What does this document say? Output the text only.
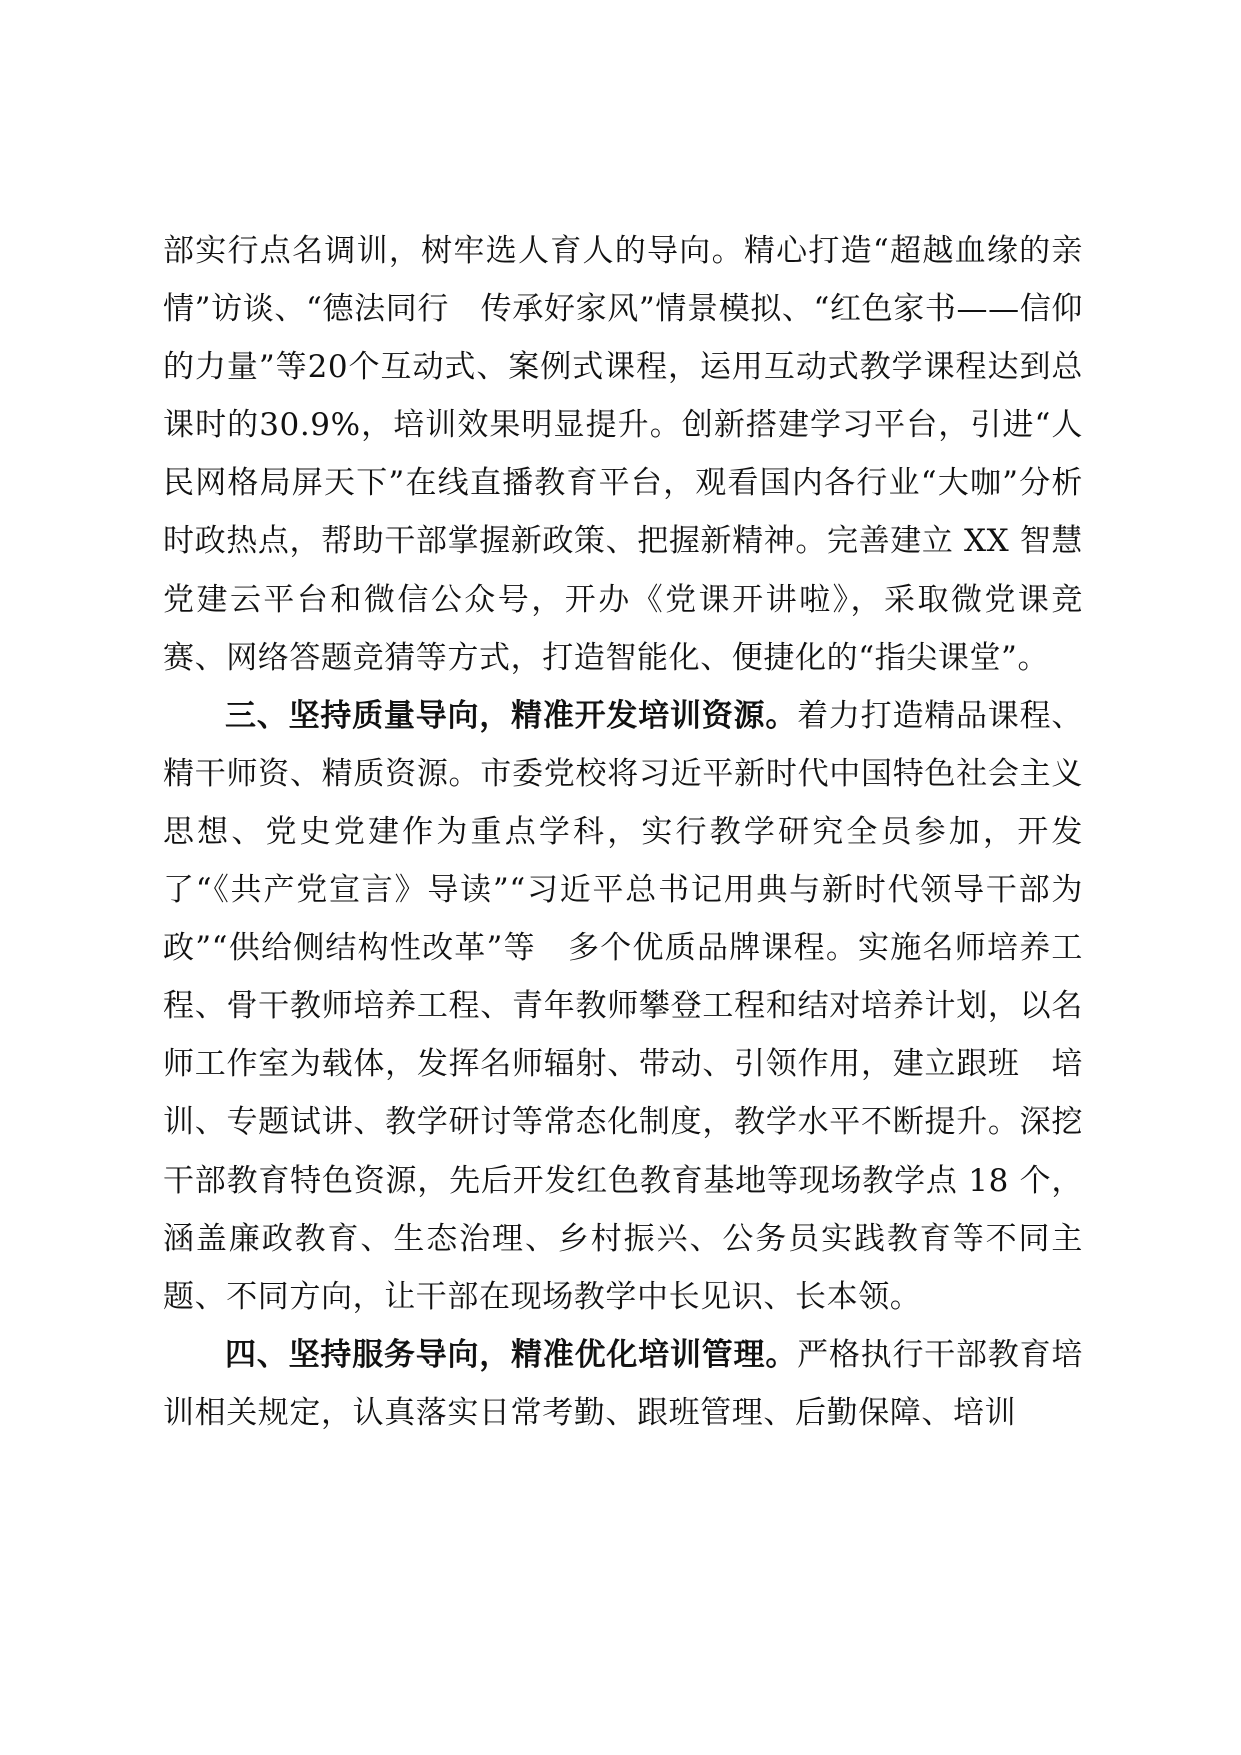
部实行点名调训，树牢选人育人的导向。精心打造“超越血缘的亲情”访谈、“德法同行　传承好家风”情景模拟、“红色家书——信仰的力量”等20个互动式、案例式课程，运用互动式教学课程达到总课时的30.9%，培训效果明显提升。创新搭建学习平台，引进“人民网格局屏天下”在线直播教育平台，观看国内各行业“大咖”分析时政热点，帮助干部掌握新政策、把握新精神。完善建立 XX 智慧党建云平台和微信公众号，开办《党课开讲啦》，采取微党课竞赛、网络答题竞猜等方式，打造智能化、便捷化的“指尖课堂”。

三、坚持质量导向，精准开发培训资源。着力打造精品课程、精干师资、精质资源。市委党校将习近平新时代中国特色社会主义思想、党史党建作为重点学科，实行教学研究全员参加，开发了“《共产党宣言》导读”“习近平总书记用典与新时代领导干部为政”“供给侧结构性改革”等　多个优质品牌课程。实施名师培养工程、骨干教师培养工程、青年教师攀登工程和结对培养计划，以名师工作室为载体，发挥名师辐射、带动、引领作用，建立跟班　培训、专题试讲、教学研讨等常态化制度，教学水平不断提升。深挖干部教育特色资源，先后开发红色教育基地等现场教学点 18 个，涵盖廉政教育、生态治理、乡村振兴、公务员实践教育等不同主题、不同方向，让干部在现场教学中长见识、长本领。

四、坚持服务导向，精准优化培训管理。严格执行干部教育培训相关规定，认真落实日常考勤、跟班管理、后勤保障、培训
